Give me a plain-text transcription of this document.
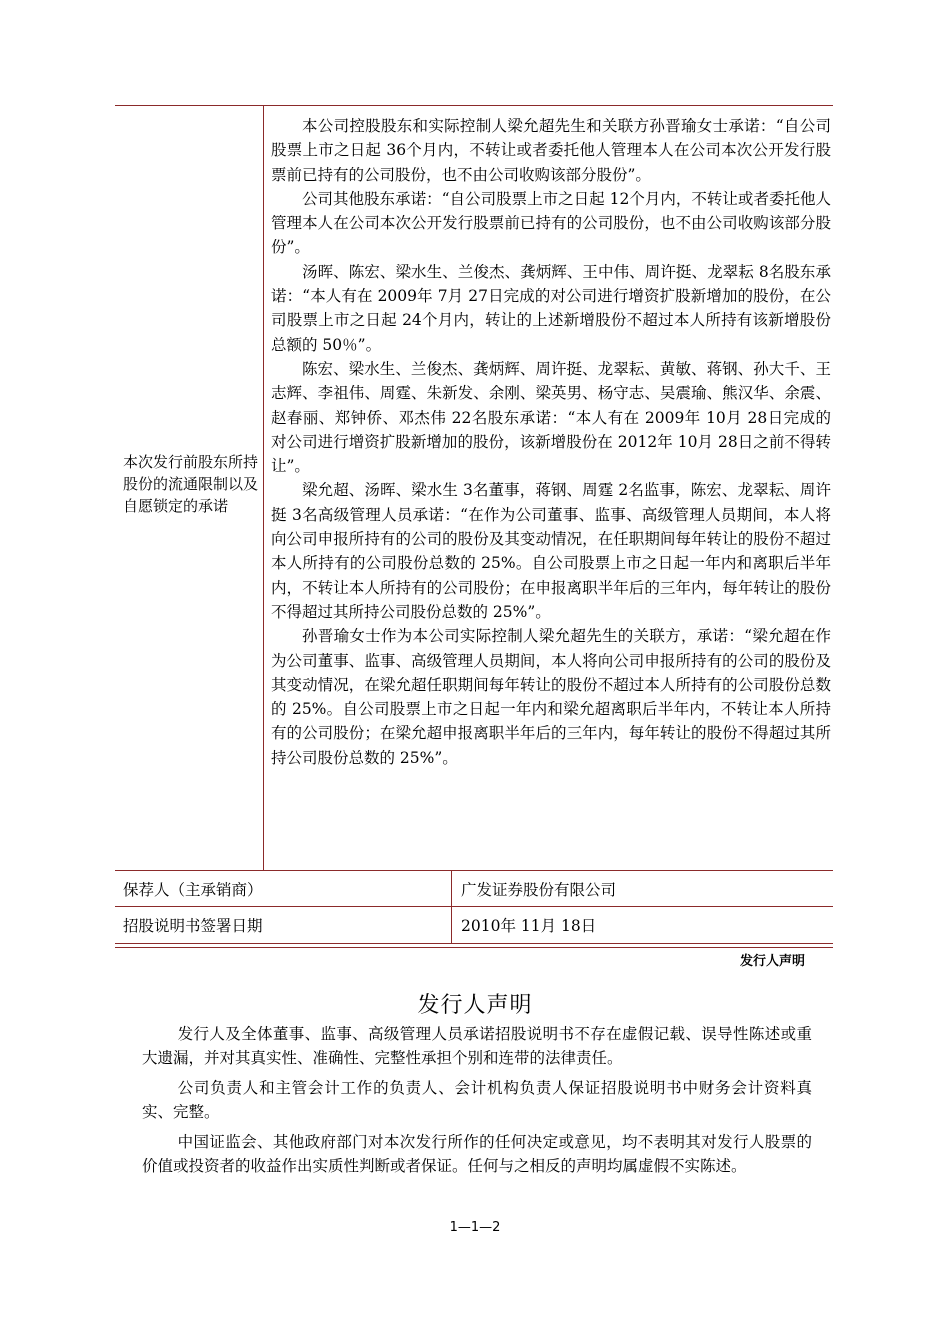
本次发行前股东所持股份的流通限制以及自愿锁定的承诺

本公司控股股东和实际控制人梁允超先生和关联方孙晋瑜女士承诺：“自公司股票上市之日起 36个月内，不转让或者委托他人管理本人在公司本次公开发行股票前已持有的公司股份，也不由公司收购该部分股份”。

公司其他股东承诺：“自公司股票上市之日起 12个月内，不转让或者委托他人管理本人在公司本次公开发行股票前已持有的公司股份，也不由公司收购该部分股份”。

汤晖、陈宏、梁水生、兰俊杰、龚炳辉、王中伟、周许挺、龙翠耘 8名股东承诺：“本人有在 2009年 7月 27日完成的对公司进行增资扩股新增加的股份，在公司股票上市之日起 24个月内，转让的上述新增股份不超过本人所持有该新增股份总额的 50％”。

陈宏、梁水生、兰俊杰、龚炳辉、周许挺、龙翠耘、黄敏、蒋钢、孙大千、王志辉、李祖伟、周霆、朱新发、余刚、梁英男、杨守志、吴震瑜、熊汉华、余震、赵春丽、郑钟侨、邓杰伟 22名股东承诺：“本人有在 2009年 10月 28日完成的对公司进行增资扩股新增加的股份，该新增股份在 2012年 10月 28日之前不得转让”。

梁允超、汤晖、梁水生 3名董事，蒋钢、周霆 2名监事，陈宏、龙翠耘、周许挺 3名高级管理人员承诺：“在作为公司董事、监事、高级管理人员期间，本人将向公司申报所持有的公司的股份及其变动情况，在任职期间每年转让的股份不超过本人所持有的公司股份总数的 25%。自公司股票上市之日起一年内和离职后半年内，不转让本人所持有的公司股份；在申报离职半年后的三年内，每年转让的股份不得超过其所持公司股份总数的 25%”。

孙晋瑜女士作为本公司实际控制人梁允超先生的关联方，承诺：“梁允超在作为公司董事、监事、高级管理人员期间，本人将向公司申报所持有的公司的股份及其变动情况，在梁允超任职期间每年转让的股份不超过本人所持有的公司股份总数的 25%。自公司股票上市之日起一年内和梁允超离职后半年内，不转让本人所持有的公司股份；在梁允超申报离职半年后的三年内，每年转让的股份不得超过其所持公司股份总数的 25%”。

保荐人（主承销商）	广发证券股份有限公司
招股说明书签署日期	2010年 11月 18日
发行人声明
发行人声明

发行人及全体董事、监事、高级管理人员承诺招股说明书不存在虚假记载、误导性陈述或重大遗漏，并对其真实性、准确性、完整性承担个别和连带的法律责任。

公司负责人和主管会计工作的负责人、会计机构负责人保证招股说明书中财务会计资料真实、完整。

中国证监会、其他政府部门对本次发行所作的任何决定或意见，均不表明其对发行人股票的价值或投资者的收益作出实质性判断或者保证。任何与之相反的声明均属虚假不实陈述。

1—1—2
